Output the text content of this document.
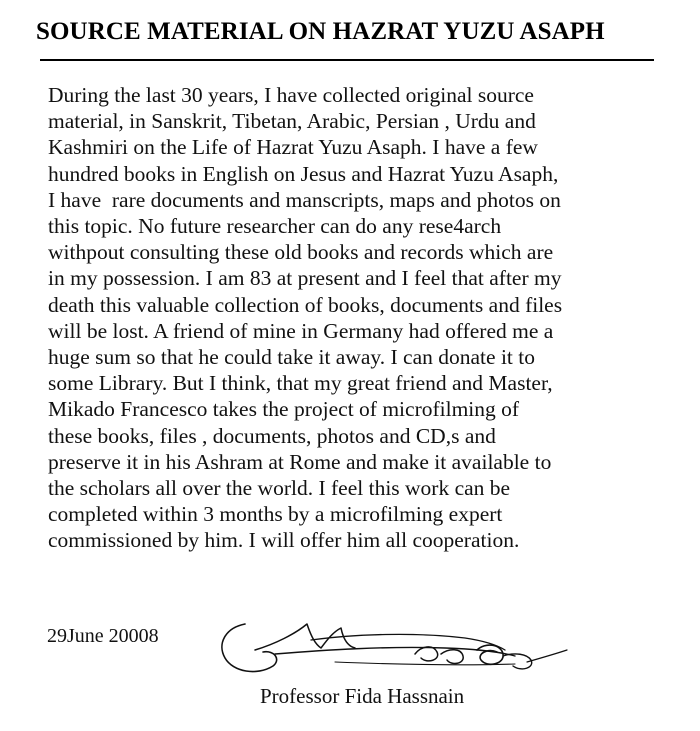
SOURCE MATERIAL ON HAZRAT YUZU ASAPH
During the last 30 years, I have collected original source
material, in Sanskrit, Tibetan, Arabic, Persian , Urdu and
Kashmiri on the Life of Hazrat Yuzu Asaph. I have a few
hundred books in English on Jesus and Hazrat Yuzu Asaph,
I have  rare documents and manscripts, maps and photos on
this topic. No future researcher can do any rese4arch
withpout consulting these old books and records which are
in my possession. I am 83 at present and I feel that after my
death this valuable collection of books, documents and files
will be lost. A friend of mine in Germany had offered me a
huge sum so that he could take it away. I can donate it to
some Library. But I think, that my great friend and Master,
Mikado Francesco takes the project of microfilming of
these books, files , documents, photos and CD,s and
preserve it in his Ashram at Rome and make it available to
the scholars all over the world. I feel this work can be
completed within 3 months by a microfilming expert
commissioned by him. I will offer him all cooperation.
29June 20008
Professor Fida Hassnain
